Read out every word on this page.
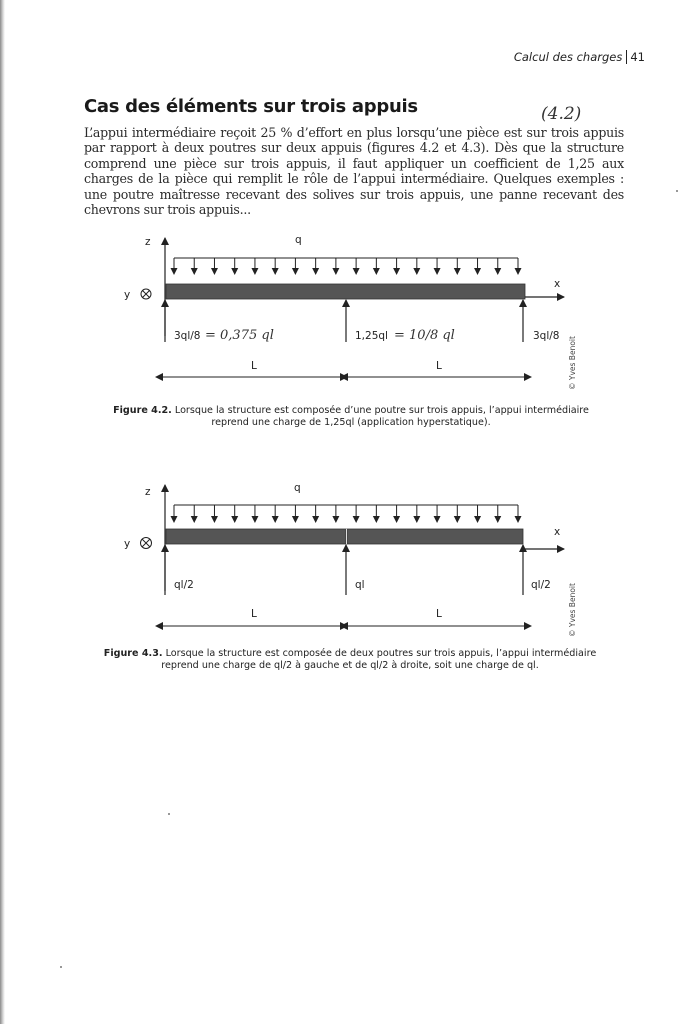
Calcul des charges 41
Cas des éléments sur trois appuis	(4.2)

L’appui intermédiaire reçoit 25 % d’effort en plus lorsqu’une pièce est sur trois appuis par rapport à deux poutres sur deux appuis (figures 4.2 et 4.3). Dès que la structure comprend une pièce sur trois appuis, il faut appliquer un coefficient de 1,25 aux charges de la pièce qui remplit le rôle de l’appui intermédiaire. Quelques exemples : une poutre maîtresse recevant des solives sur trois appuis, une panne recevant des chevrons sur trois appuis...

z	q
x
y
3ql/8 = 0,375 ql	1,25ql = 10/8 ql	3ql/8
L	L	© Yves Benoit

Figure 4.2. Lorsque la structure est composée d’une poutre sur trois appuis, l’appui intermédiaire
reprend une charge de 1,25ql (application hyperstatique).

z	q
x
y
ql/2	ql	ql/2
L	L	© Yves Benoit

Figure 4.3. Lorsque la structure est composée de deux poutres sur trois appuis, l’appui intermédiaire
reprend une charge de ql/2 à gauche et de ql/2 à droite, soit une charge de ql.
